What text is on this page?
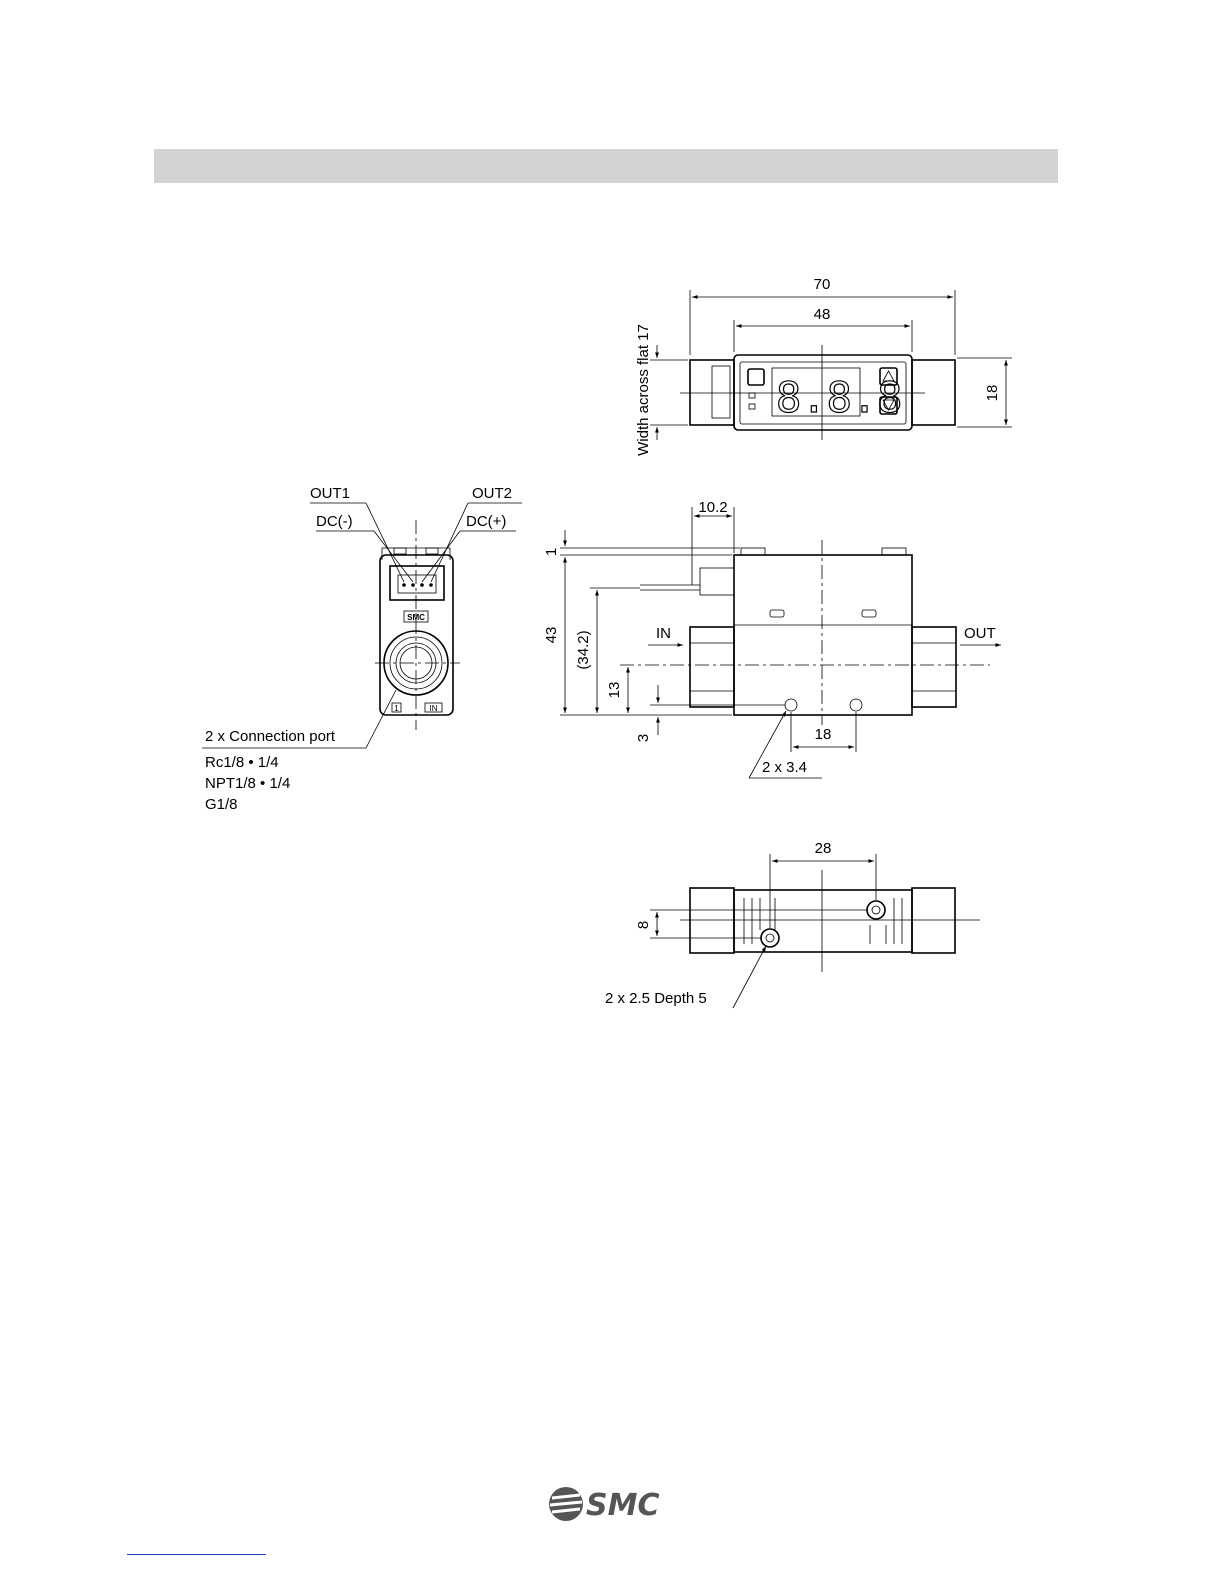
8.8.8
70
48
18
Width across flat 17
SMC
1	IN
OUT1
DC(-)
OUT2
DC(+)
2 x Connection port
Rc1/8 • 1/4
NPT1/8 • 1/4
G1/8
IN	OUT
1
43 (34.2)
13
3
10.2
18
2 x 3.4
28
8
2 x 2.5 Depth 5
SMC
